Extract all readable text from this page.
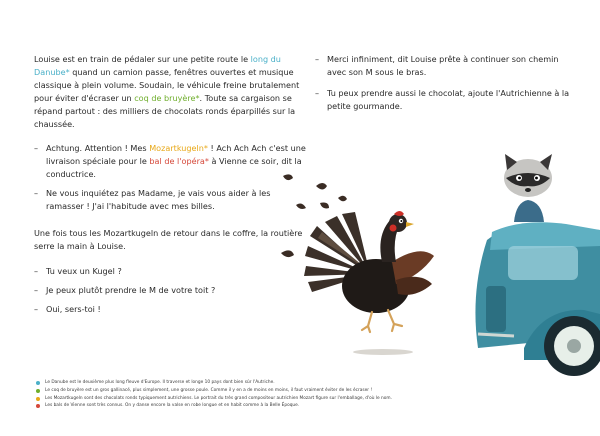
Louise est en train de pédaler sur une petite route le long du Danube* quand un camion passe, fenêtres ouvertes et musique classique à plein volume. Soudain, le véhicule freine brutalement pour éviter d'écraser un coq de bruyère*. Toute sa cargaison se répand partout : des milliers de chocolats ronds éparpillés sur la chaussée.

– Achtung. Attention ! Mes Mozartkugeln* ! Ach Ach Ach c'est une livraison spéciale pour le bal de l'opéra* à Vienne ce soir, dit la conductrice.
– Ne vous inquiétez pas Madame, je vais vous aider à les ramasser ! J'ai l'habitude avec mes billes.

Une fois tous les Mozartkugeln de retour dans le coffre, la routière serre la main à Louise.

– Tu veux un Kugel ?
– Je peux plutôt prendre le M de votre toit ?
– Oui, sers-toi !
– Merci infiniment, dit Louise prête à continuer son chemin avec son M sous le bras.
– Tu peux prendre aussi le chocolat, ajoute l'Autrichienne à la petite gourmande.
Le Danube est le deuxième plus long fleuve d'Europe. Il traverse et longe 10 pays dont bien sûr l'Autriche.
Le coq de bruyère est un gros gallinacé, plus simplement, une grosse poule. Comme il y en a de moins en moins, il faut vraiment éviter de les écraser !
Les Mozartkugeln sont des chocolats ronds typiquement autrichiens. Le portrait du très grand compositeur autrichien Mozart figure sur l'emballage, d'où le nom.
Les bals de Vienne sont très connus. On y danse encore la valse en robe longue et en habit comme à la Belle Époque.
